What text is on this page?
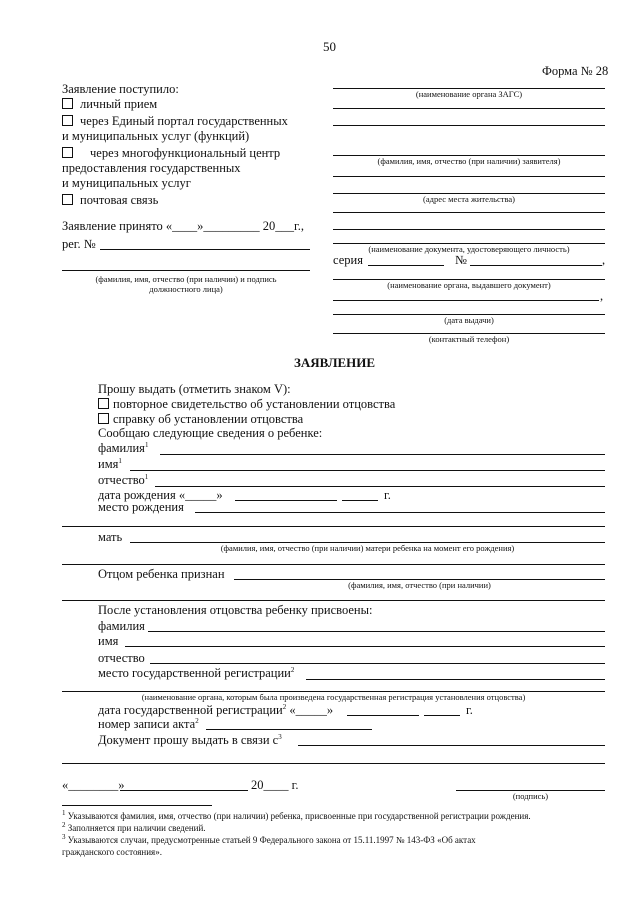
50
Форма № 28
Заявление поступило:
личный прием
через Единый портал государственных
и муниципальных услуг (функций)
через многофункциональный центр
предоставления государственных
и муниципальных услуг
почтовая связь
Заявление принято «____»_________ 20___г.,
рег. №
(фамилия, имя, отчество (при наличии) и подпись
должностного лица)
(наименование органа ЗАГС)
(фамилия, имя, отчество (при наличии) заявителя)
(адрес места жительства)
(наименование документа, удостоверяющего личность)
серия	№	,
(наименование органа, выдавшего документ)
,
(дата выдачи)
(контактный телефон)
ЗАЯВЛЕНИЕ
Прошу выдать (отметить знаком V):
повторное свидетельство об установлении отцовства
справку об установлении отцовства
Сообщаю следующие сведения о ребенке:
фамилия$^1$
имя$^1$
отчество$^1$
дата рождения «_____»	г.
место рождения
мать
(фамилия, имя, отчество (при наличии) матери ребенка на момент его рождения)
Отцом ребенка признан
(фамилия, имя, отчество (при наличии)
После установления отцовства ребенку присвоены:
фамилия
имя
отчество
место государственной регистрации$^2$
(наименование органа, которым была произведена государственная регистрация установления отцовства)
дата государственной регистрации$^2$ «_____»	г.
номер записи акта$^2$
Документ прошу выдать в связи $с^3$
«________»	20____ г.
(подпись)
$^1$ Указываются фамилия, имя, отчество (при наличии) ребенка, присвоенные при государственной регистрации рождения.
$^2$ Заполняется при наличии сведений.
$^3$ Указываются случаи, предусмотренные статьей 9 Федерального закона от 15.11.1997 № 143-ФЗ «Об актах
гражданского состояния».
